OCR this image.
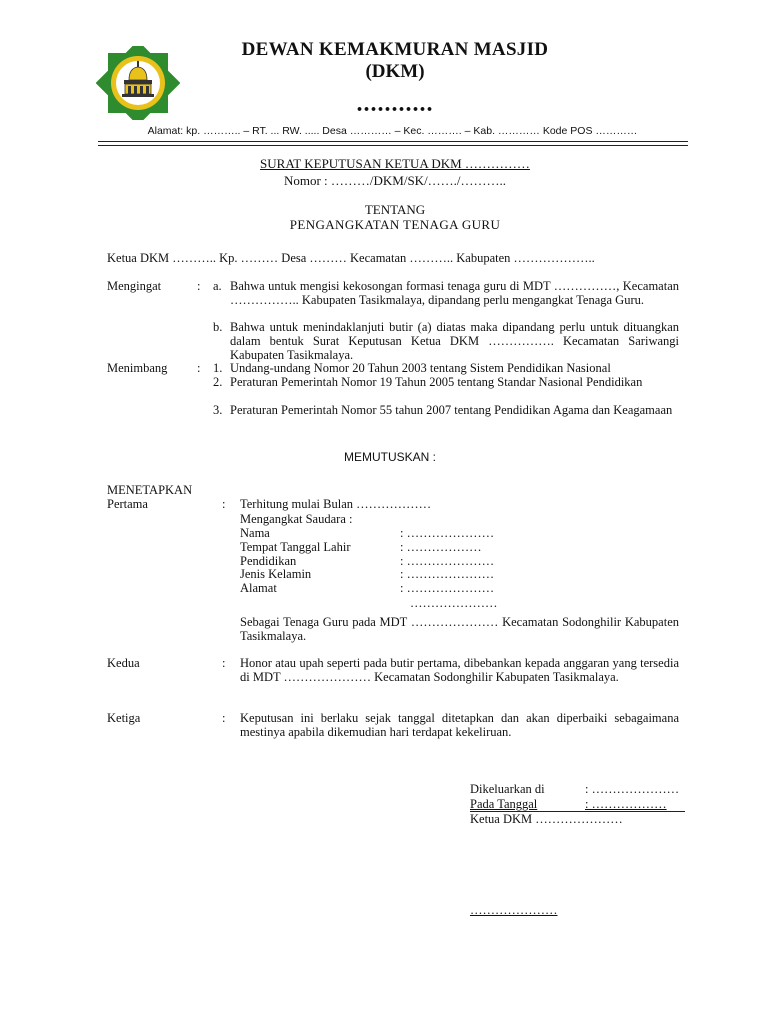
DEWAN KEMAKMURAN MASJID
(DKM)
...........
Alamat: kp. ……….. – RT. ... RW. ..... Desa ………… – Kec. ………. – Kab. ………… Kode POS …………
SURAT KEPUTUSAN KETUA DKM ……………
Nomor : ………/DKM/SK/……./………..
TENTANG
PENGANGKATAN TENAGA GURU
Ketua DKM ……….. Kp. ……… Desa ……… Kecamatan ……….. Kabupaten ………………..
Mengingat	: a. Bahwa untuk mengisi kekosongan formasi tenaga guru di MDT ……………, Kecamatan …………….. Kabupaten Tasikmalaya, dipandang perlu mengangkat Tenaga Guru.
b. Bahwa untuk menindaklanjuti butir (a) diatas maka dipandang perlu untuk dituangkan dalam bentuk Surat Keputusan Ketua DKM ……………. Kecamatan Sariwangi Kabupaten Tasikmalaya.
Menimbang : 1. Undang-undang Nomor 20 Tahun 2003 tentang Sistem Pendidikan Nasional
2. Peraturan Pemerintah Nomor 19 Tahun 2005 tentang Standar Nasional Pendidikan
3. Peraturan Pemerintah Nomor 55 tahun 2007 tentang Pendidikan Agama dan Keagamaan
MEMUTUSKAN :
MENETAPKAN
Pertama	: Terhitung mulai Bulan ………………
Mengangkat Saudara :
Nama	: …………………
Tempat Tanggal Lahir	: ………………
Pendidikan	: …………………
Jenis Kelamin	: …………………
Alamat	: …………………
…………………
Sebagai Tenaga Guru pada MDT ………………… Kecamatan Sodonghilir Kabupaten Tasikmalaya.
Kedua	: Honor atau upah seperti pada butir pertama, dibebankan kepada anggaran yang tersedia di MDT ………………… Kecamatan Sodonghilir Kabupaten Tasikmalaya.
Ketiga	: Keputusan ini berlaku sejak tanggal ditetapkan dan akan diperbaiki sebagaimana mestinya apabila dikemudian hari terdapat kekeliruan.
Dikeluarkan di	: …………………
Pada Tanggal	: ………………
Ketua DKM …………………
…………………
